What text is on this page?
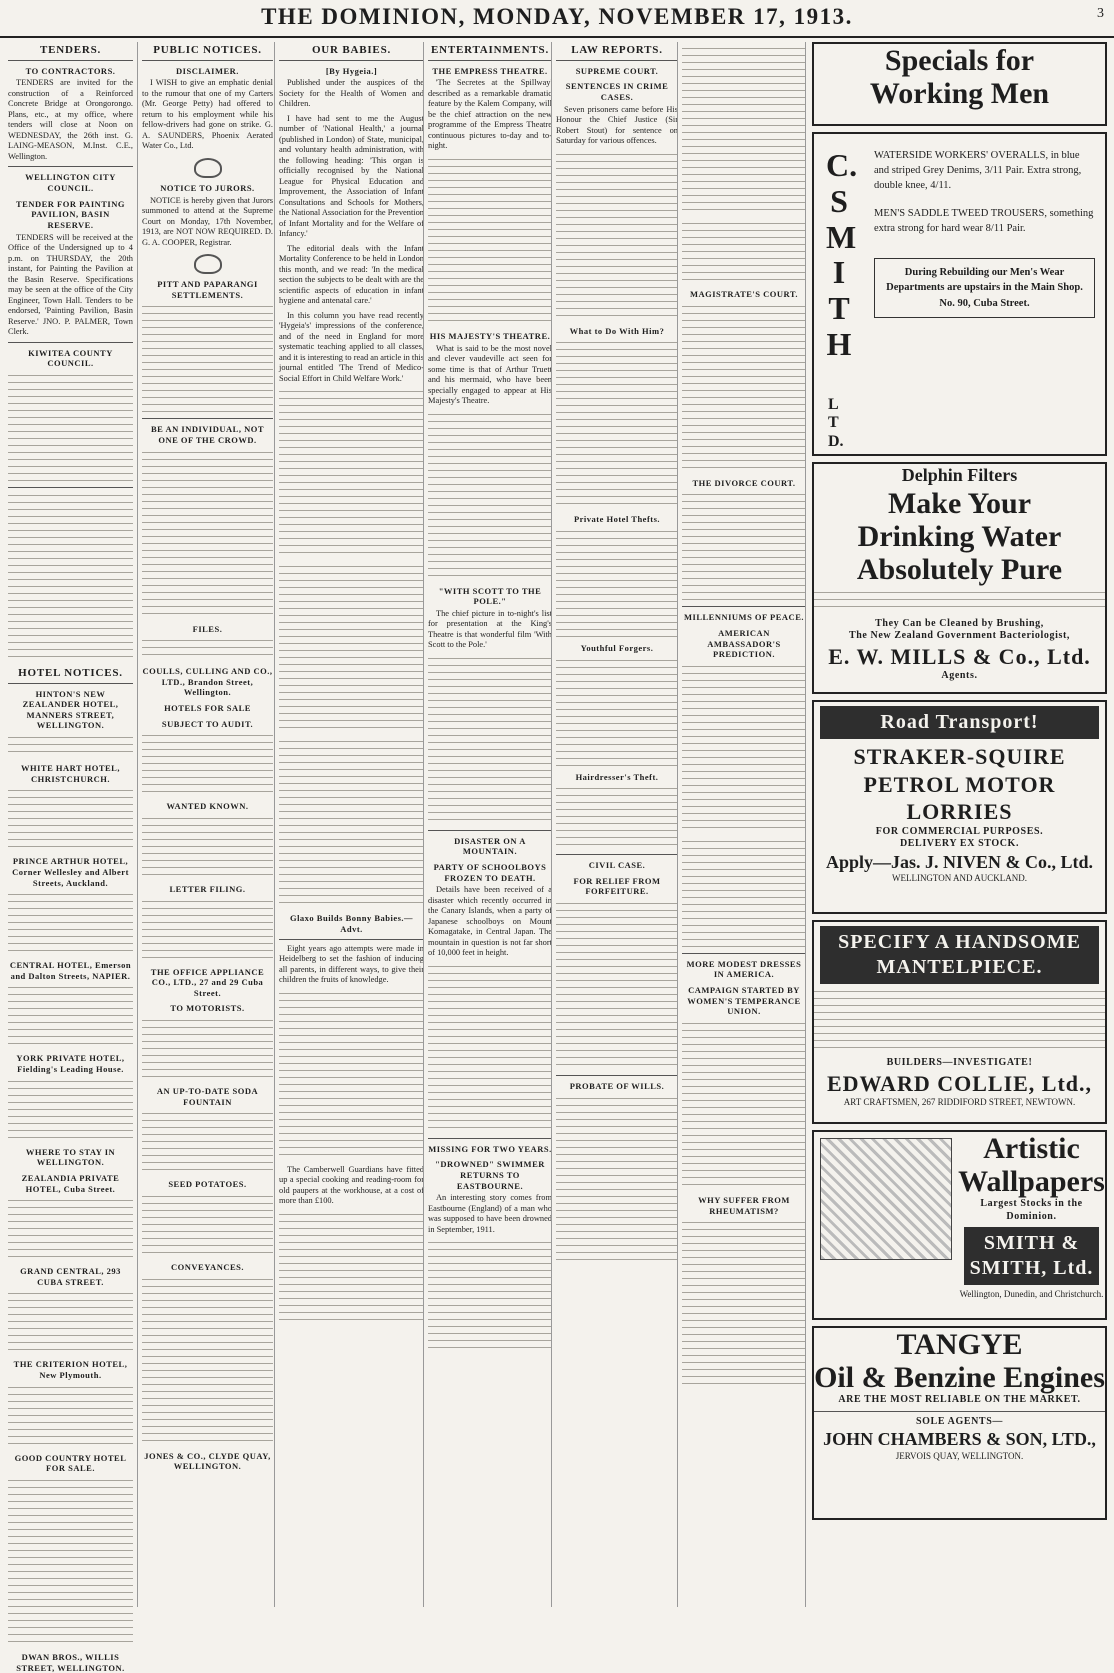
THE DOMINION, MONDAY, NOVEMBER 17, 1913.	3
TENDERS.
TO CONTRACTORS.

TENDERS are invited for the construction of a Reinforced Concrete Bridge at Orongorongo. Plans, etc., at my office, where tenders will close at Noon on WEDNESDAY, the 26th inst. G. LAING-MEASON, M.Inst. C.E., Wellington.

WELLINGTON CITY COUNCIL.
TENDER FOR PAINTING PAVILION, BASIN RESERVE.

TENDERS will be received at the Office of the Undersigned up to 4 p.m. on THURSDAY, the 20th instant, for Painting the Pavilion at the Basin Reserve. Specifications may be seen at the office of the City Engineer, Town Hall. Tenders to be endorsed, 'Painting Pavilion, Basin Reserve.' JNO. P. PALMER, Town Clerk.

KIWITEA COUNTY COUNCIL.
HOTEL NOTICES.
HINTON'S NEW ZEALANDER HOTEL, MANNERS STREET, WELLINGTON.
WHITE HART HOTEL, CHRISTCHURCH.
PRINCE ARTHUR HOTEL, Corner Wellesley and Albert Streets, Auckland.
CENTRAL HOTEL, Emerson and Dalton Streets, NAPIER.
YORK PRIVATE HOTEL, Fielding's Leading House.
WHERE TO STAY IN WELLINGTON.
ZEALANDIA PRIVATE HOTEL, Cuba Street.
GRAND CENTRAL, 293 CUBA STREET.
THE CRITERION HOTEL, New Plymouth.
GOOD COUNTRY HOTEL FOR SALE.
DWAN BROS., WILLIS STREET, WELLINGTON.
PUBLIC NOTICES.
DISCLAIMER.

I WISH to give an emphatic denial to the rumour that one of my Carters (Mr. George Petty) had offered to return to his employment while his fellow-drivers had gone on strike. G. A. SAUNDERS, Phoenix Aerated Water Co., Ltd.

NOTICE TO JURORS.

NOTICE is hereby given that Jurors summoned to attend at the Supreme Court on Monday, 17th November, 1913, are NOT NOW REQUIRED. D. G. A. COOPER, Registrar.

PITT AND PAPARANGI SETTLEMENTS.
BE AN INDIVIDUAL, NOT ONE OF THE CROWD.
FILES.
COULLS, CULLING AND CO., LTD., Brandon Street, Wellington.
HOTELS FOR SALE
SUBJECT TO AUDIT.
WANTED KNOWN.
LETTER FILING.
THE OFFICE APPLIANCE CO., LTD., 27 and 29 Cuba Street.
TO MOTORISTS.
AN UP-TO-DATE SODA FOUNTAIN
SEED POTATOES.
CONVEYANCES.
JONES & CO., CLYDE QUAY, WELLINGTON.
OUR BABIES.
[By Hygeia.]

Published under the auspices of the Society for the Health of Women and Children.

I have had sent to me the August number of 'National Health,' a journal (published in London) of State, municipal, and voluntary health administration, with the following heading: 'This organ is officially recognised by the National League for Physical Education and Improvement, the Association of Infant Consultations and Schools for Mothers, the National Association for the Prevention of Infant Mortality and for the Welfare of Infancy.'

The editorial deals with the Infant Mortality Conference to be held in London this month, and we read: 'In the medical section the subjects to be dealt with are the scientific aspects of education in infant hygiene and antenatal care.'

In this column you have read recently 'Hygeia's' impressions of the conference, and of the need in England for more systematic teaching applied to all classes, and it is interesting to read an article in this journal entitled 'The Trend of Medico-Social Effort in Child Welfare Work.'

Glaxo Builds Bonny Babies.—Advt.

Eight years ago attempts were made in Heidelberg to set the fashion of inducing all parents, in different ways, to give their children the fruits of knowledge.

The Camberwell Guardians have fitted up a special cooking and reading-room for old paupers at the workhouse, at a cost of more than £100.

ENTERTAINMENTS.
THE EMPRESS THEATRE.

'The Secretes at the Spillway' described as a remarkable dramatic feature by the Kalem Company, will be the chief attraction on the new programme of the Empress Theatre continuous pictures to-day and to-night.

HIS MAJESTY'S THEATRE.

What is said to be the most novel and clever vaudeville act seen for some time is that of Arthur Truett and his mermaid, who have been specially engaged to appear at His Majesty's Theatre.

"WITH SCOTT TO THE POLE."

The chief picture in to-night's list for presentation at the King's Theatre is that wonderful film 'With Scott to the Pole.'

DISASTER ON A MOUNTAIN.
PARTY OF SCHOOLBOYS FROZEN TO DEATH.

Details have been received of a disaster which recently occurred in the Canary Islands, when a party of Japanese schoolboys on Mount Komagatake, in Central Japan. The mountain in question is not far short of 10,000 feet in height.

MISSING FOR TWO YEARS.
"DROWNED" SWIMMER RETURNS TO EASTBOURNE.

An interesting story comes from Eastbourne (England) of a man who was supposed to have been drowned in September, 1911.

LAW REPORTS.
SUPREME COURT.
SENTENCES IN CRIME CASES.

Seven prisoners came before His Honour the Chief Justice (Sir Robert Stout) for sentence on Saturday for various offences.

What to Do With Him?
Private Hotel Thefts.
Youthful Forgers.
Hairdresser's Theft.
CIVIL CASE.
FOR RELIEF FROM FORFEITURE.
PROBATE OF WILLS.
MAGISTRATE'S COURT.
THE DIVORCE COURT.
MILLENNIUMS OF PEACE.
AMERICAN AMBASSADOR'S PREDICTION.
MORE MODEST DRESSES IN AMERICA.
CAMPAIGN STARTED BY WOMEN'S TEMPERANCE UNION.
WHY SUFFER FROM RHEUMATISM?
Specials for
Working Men
C.
S
M
I
T
H
L
T
D.
WATERSIDE WORKERS' OVERALLS, in blue and striped Grey Denims, 3/11 Pair. Extra strong, double knee, 4/11.
MEN'S SADDLE TWEED TROUSERS, something extra strong for hard wear 8/11 Pair.
During Rebuilding our Men's Wear Departments are upstairs in the Main Shop. No. 90, Cuba Street.
Delphin Filters
Make Your
Drinking Water
Absolutely Pure
They Can be Cleaned by Brushing,
The New Zealand Government Bacteriologist,
E. W. MILLS & Co., Ltd.
Agents.
Road Transport!
STRAKER-SQUIRE
PETROL MOTOR LORRIES
FOR COMMERCIAL PURPOSES.
DELIVERY EX STOCK.
Apply—Jas. J. NIVEN & Co., Ltd.
WELLINGTON AND AUCKLAND.
SPECIFY A HANDSOME MANTELPIECE.
BUILDERS—INVESTIGATE!
EDWARD COLLIE, Ltd.,
ART CRAFTSMEN, 267 RIDDIFORD STREET, NEWTOWN.
Artistic
Wallpapers
Largest Stocks in the Dominion.
SMITH & SMITH, Ltd.
Wellington, Dunedin, and Christchurch.
TANGYE
Oil & Benzine Engines
ARE THE MOST RELIABLE ON THE MARKET.
SOLE AGENTS—
JOHN CHAMBERS & SON, LTD.,
JERVOIS QUAY, WELLINGTON.
